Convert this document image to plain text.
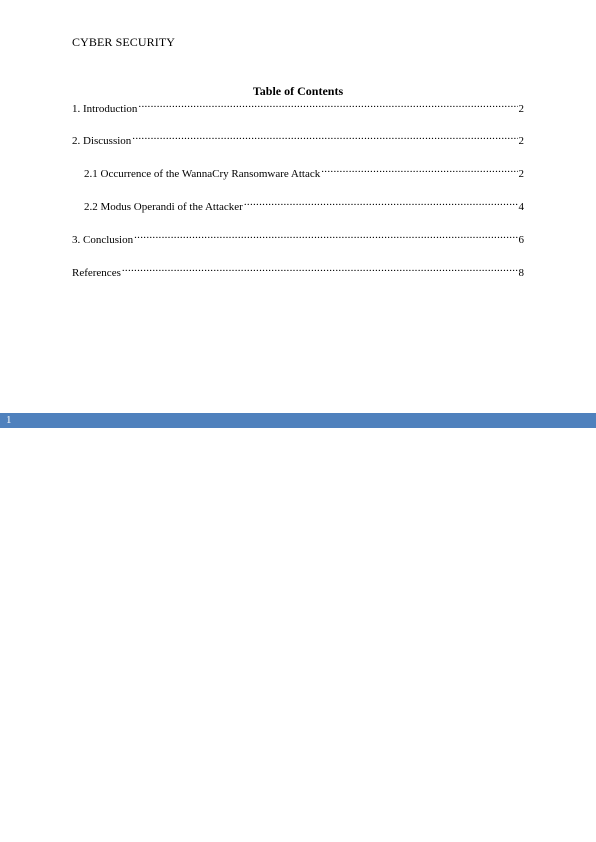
CYBER SECURITY
Table of Contents
1. Introduction .....	2
2. Discussion .....	2
2.1 Occurrence of the WannaCry Ransomware Attack .....	2
2.2 Modus Operandi of the Attacker .....	4
3. Conclusion .....	6
References .....	8
1
